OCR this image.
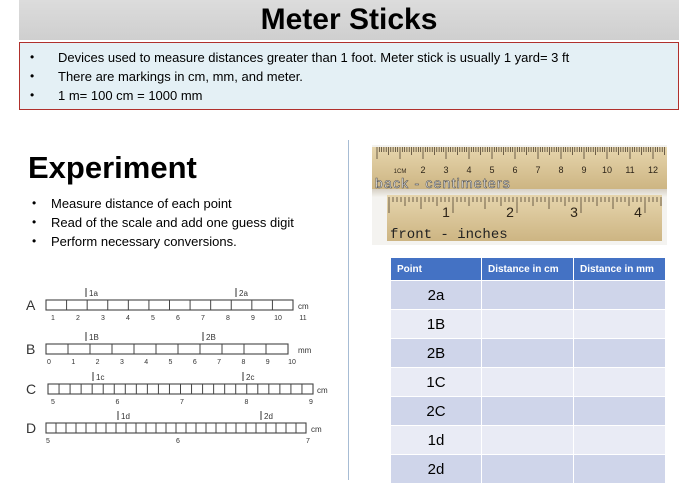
Meter Sticks
• Devices used to measure distances greater than 1 foot. Meter stick is usually 1 yard= 3 ft
• There are markings in cm, mm, and meter.
• 1 m= 100 cm = 1000 mm
Experiment
• Measure distance of each point
• Read of the scale and add one guess digit
• Perform necessary conversions.
A	cm
1	2	3	4	5	6	7	8	9	10 11
1a	2a
B	mm
0	1	2	3	4	5	6	7	8	9	10
1B	2B
C	cm
5	6	7	8	9
1c	2c
D	cm
5	6	7
1d	2d
1CM 2 3 4 5 6 7 8 9 10 11 12
1	2	3	4
back - centimeters
front - inches
Point	Distance in cm	Distance in mm
2a		
1B		
2B		
1C		
2C		
1d		
2d		
